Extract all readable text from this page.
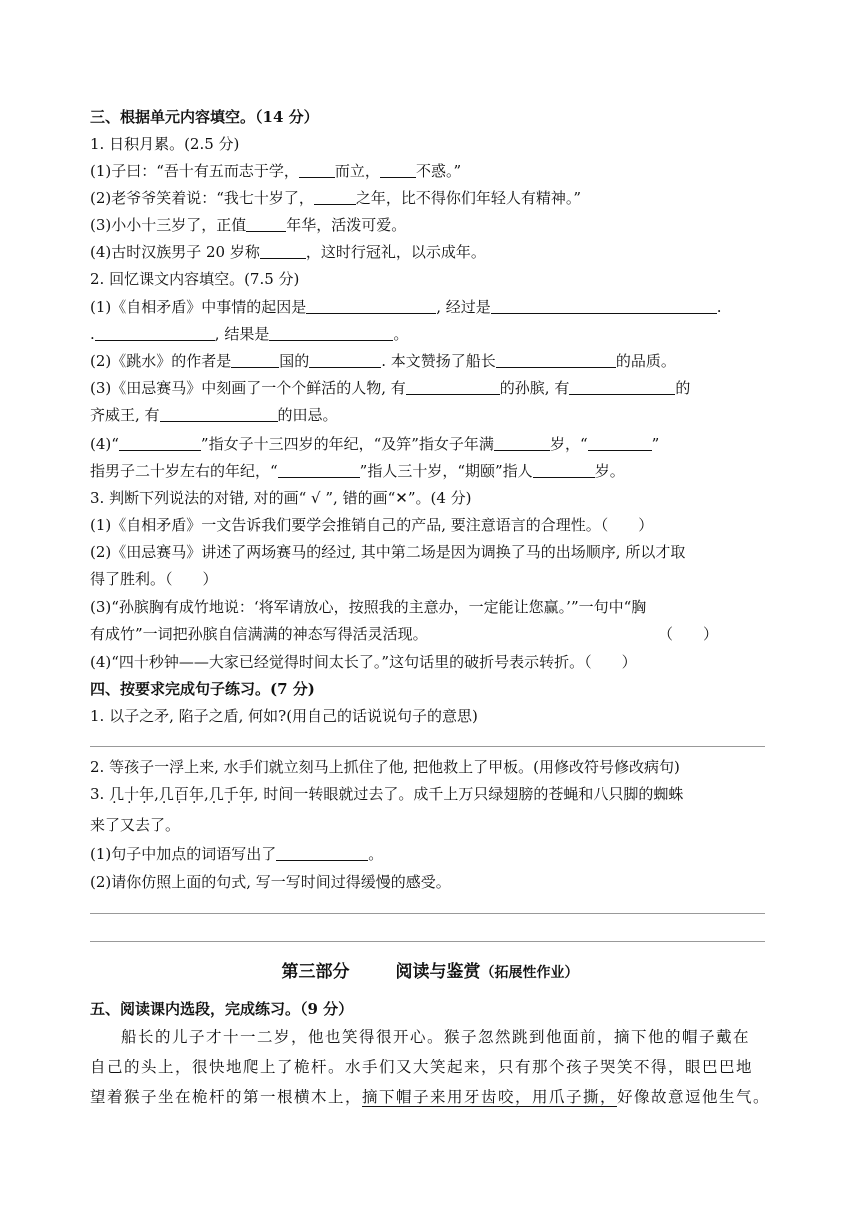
三、根据单元内容填空。（14 分）
1. 日积月累。(2.5 分)
(1)子曰：“吾十有五而志于学， 而立， 不惑。”
(2)老爷爷笑着说：“我七十岁了，	之年，比不得你们年轻人有精神。”
(3)小小十三岁了，正值	年华，活泼可爱。
(4)古时汉族男子 20 岁称	，这时行冠礼，以示成年。
2. 回忆课文内容填空。(7.5 分)
(1)《自相矛盾》中事情的起因是	, 经过是	.
.	, 结果是	。
(2)《跳水》的作者是	国的	. 本文赞扬了船长	的品质。
(3)《田忌赛马》中刻画了一个个鲜活的人物, 有	的孙膑, 有	的
齐威王, 有	的田忌。
(4)“	”指女子十三四岁的年纪，“及笄”指女子年满	岁，“	”
指男子二十岁左右的年纪，“	”指人三十岁，“期颐”指人	岁。
3. 判断下列说法的对错, 对的画“ √ ”, 错的画“✕”。(4 分)
(1)《自相矛盾》一文告诉我们要学会推销自己的产品, 要注意语言的合理性。（　　）
(2)《田忌赛马》讲述了两场赛马的经过, 其中第二场是因为调换了马的出场顺序, 所以才取
得了胜利。（　　）
(3)“孙膑胸有成竹地说：‘将军请放心，按照我的主意办，一定能让您赢。’”一句中“胸
有成竹”一词把孙膑自信满满的神态写得活灵活现。	（　　）
(4)“四十秒钟——大家已经觉得时间太长了。”这句话里的破折号表示转折。（　　）
四、按要求完成句子练习。(7 分)
1. 以子之矛, 陷子之盾, 何如?(用自己的话说说句子的意思)
2. 等孩子一浮上来, 水手们就立刻马上抓住了他, 把他救上了甲板。(用修改符号修改病句)
3. 几十年,几百年,几千年, 时间一转眼就过去了。成千上万只绿翅膀的苍蝇和八只脚的蜘蛛
来了又去了。
(1)句子中加点的词语写出了	。
(2)请你仿照上面的句式, 写一写时间过得缓慢的感受。
第三部分	阅读与鉴赏（拓展性作业）
五、阅读课内选段，完成练习。（9 分）
船长的儿子才十一二岁，他也笑得很开心。猴子忽然跳到他面前，摘下他的帽子戴在
自己的头上，很快地爬上了桅杆。水手们又大笑起来，只有那个孩子哭笑不得，眼巴巴地
望着猴子坐在桅杆的第一根横木上，摘下帽子来用牙齿咬，用爪子撕，好像故意逗他生气。
